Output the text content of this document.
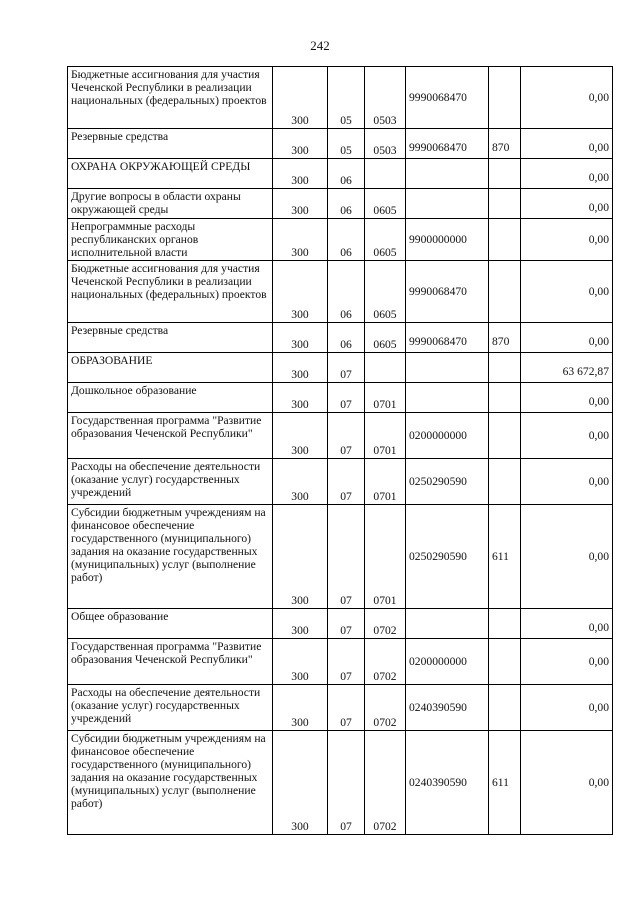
242
Бюджетные ассигнования для участия Чеченской Республики в реализации национальных (федеральных) проектов	300	05	0503	9990068470		0,00
Резервные средства	300	05	0503	9990068470	870	0,00
ОХРАНА ОКРУЖАЮЩЕЙ СРЕДЫ	300	06				0,00
Другие вопросы в области охраны окружающей среды	300	06	0605			0,00
Непрограммные расходы республиканских органов исполнительной власти	300	06	0605	9900000000		0,00
Бюджетные ассигнования для участия Чеченской Республики в реализации национальных (федеральных) проектов	300	06	0605	9990068470		0,00
Резервные средства	300	06	0605	9990068470	870	0,00
ОБРАЗОВАНИЕ	300	07				63 672,87
Дошкольное образование	300	07	0701			0,00
Государственная программа "Развитие образования Чеченской Республики"	300	07	0701	0200000000		0,00
Расходы на обеспечение деятельности (оказание услуг) государственных учреждений	300	07	0701	0250290590		0,00
Субсидии бюджетным учреждениям на финансовое обеспечение государственного (муниципального) задания на оказание государственных (муниципальных) услуг (выполнение работ)	300	07	0701	0250290590	611	0,00
Общее образование	300	07	0702			0,00
Государственная программа "Развитие образования Чеченской Республики"	300	07	0702	0200000000		0,00
Расходы на обеспечение деятельности (оказание услуг) государственных учреждений	300	07	0702	0240390590		0,00
Субсидии бюджетным учреждениям на финансовое обеспечение государственного (муниципального) задания на оказание государственных (муниципальных) услуг (выполнение работ)	300	07	0702	0240390590	611	0,00
